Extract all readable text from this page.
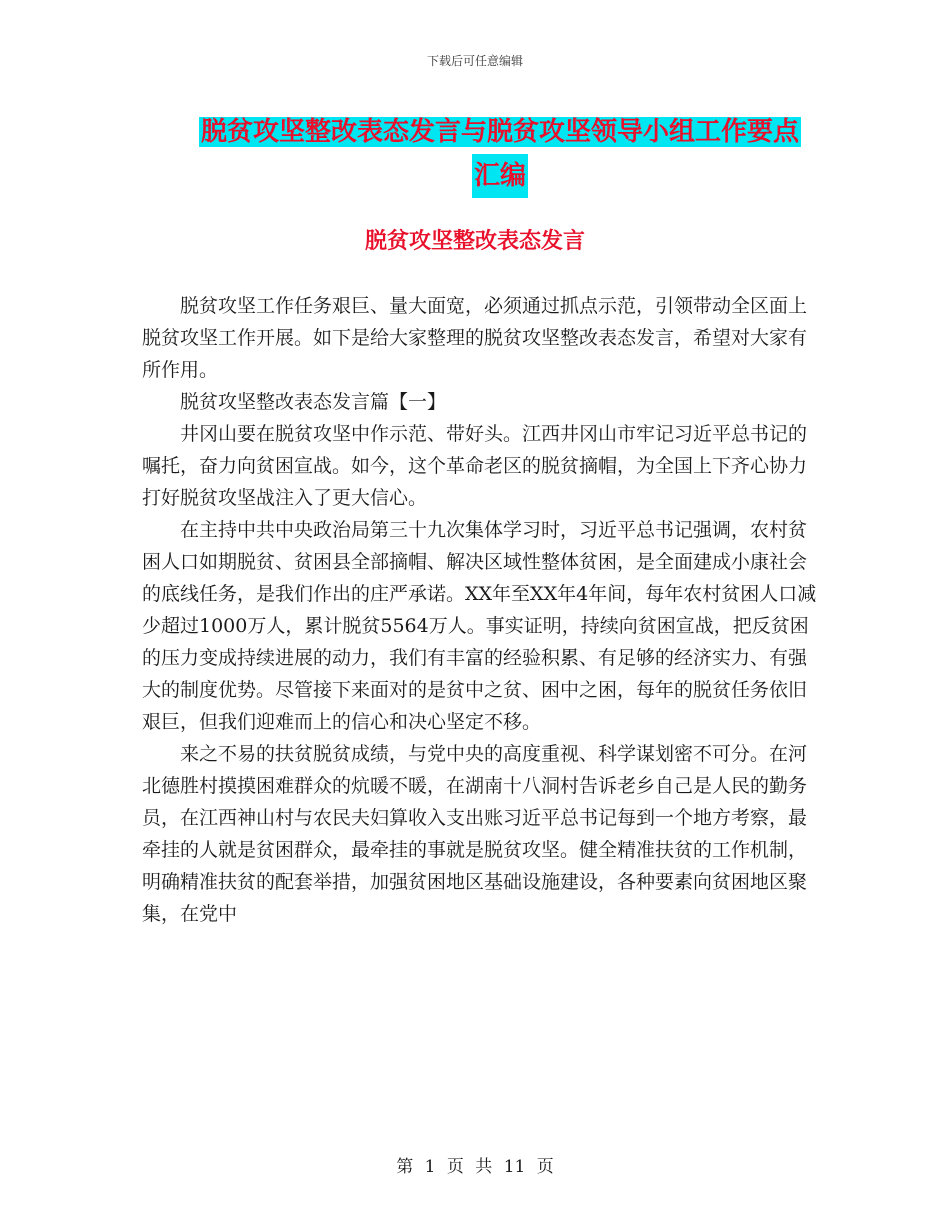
下载后可任意编辑
脱贫攻坚整改表态发言与脱贫攻坚领导小组工作要点
汇编
脱贫攻坚整改表态发言

脱贫攻坚工作任务艰巨、量大面宽，必须通过抓点示范，引领带动全区面上脱贫攻坚工作开展。如下是给大家整理的脱贫攻坚整改表态发言，希望对大家有所作用。

脱贫攻坚整改表态发言篇【一】

井冈山要在脱贫攻坚中作示范、带好头。江西井冈山市牢记习近平总书记的嘱托，奋力向贫困宣战。如今，这个革命老区的脱贫摘帽，为全国上下齐心协力打好脱贫攻坚战注入了更大信心。

在主持中共中央政治局第三十九次集体学习时，习近平总书记强调，农村贫困人口如期脱贫、贫困县全部摘帽、解决区域性整体贫困，是全面建成小康社会的底线任务，是我们作出的庄严承诺。XX年至XX年4年间，每年农村贫困人口减少超过1000万人，累计脱贫5564万人。事实证明，持续向贫困宣战，把反贫困的压力变成持续进展的动力，我们有丰富的经验积累、有足够的经济实力、有强大的制度优势。尽管接下来面对的是贫中之贫、困中之困，每年的脱贫任务依旧艰巨，但我们迎难而上的信心和决心坚定不移。

来之不易的扶贫脱贫成绩，与党中央的高度重视、科学谋划密不可分。在河北德胜村摸摸困难群众的炕暖不暖，在湖南十八洞村告诉老乡自己是人民的勤务员，在江西神山村与农民夫妇算收入支出账习近平总书记每到一个地方考察，最牵挂的人就是贫困群众，最牵挂的事就是脱贫攻坚。健全精准扶贫的工作机制，明确精准扶贫的配套举措，加强贫困地区基础设施建设，各种要素向贫困地区聚集，在党中

第 1 页 共 11 页
